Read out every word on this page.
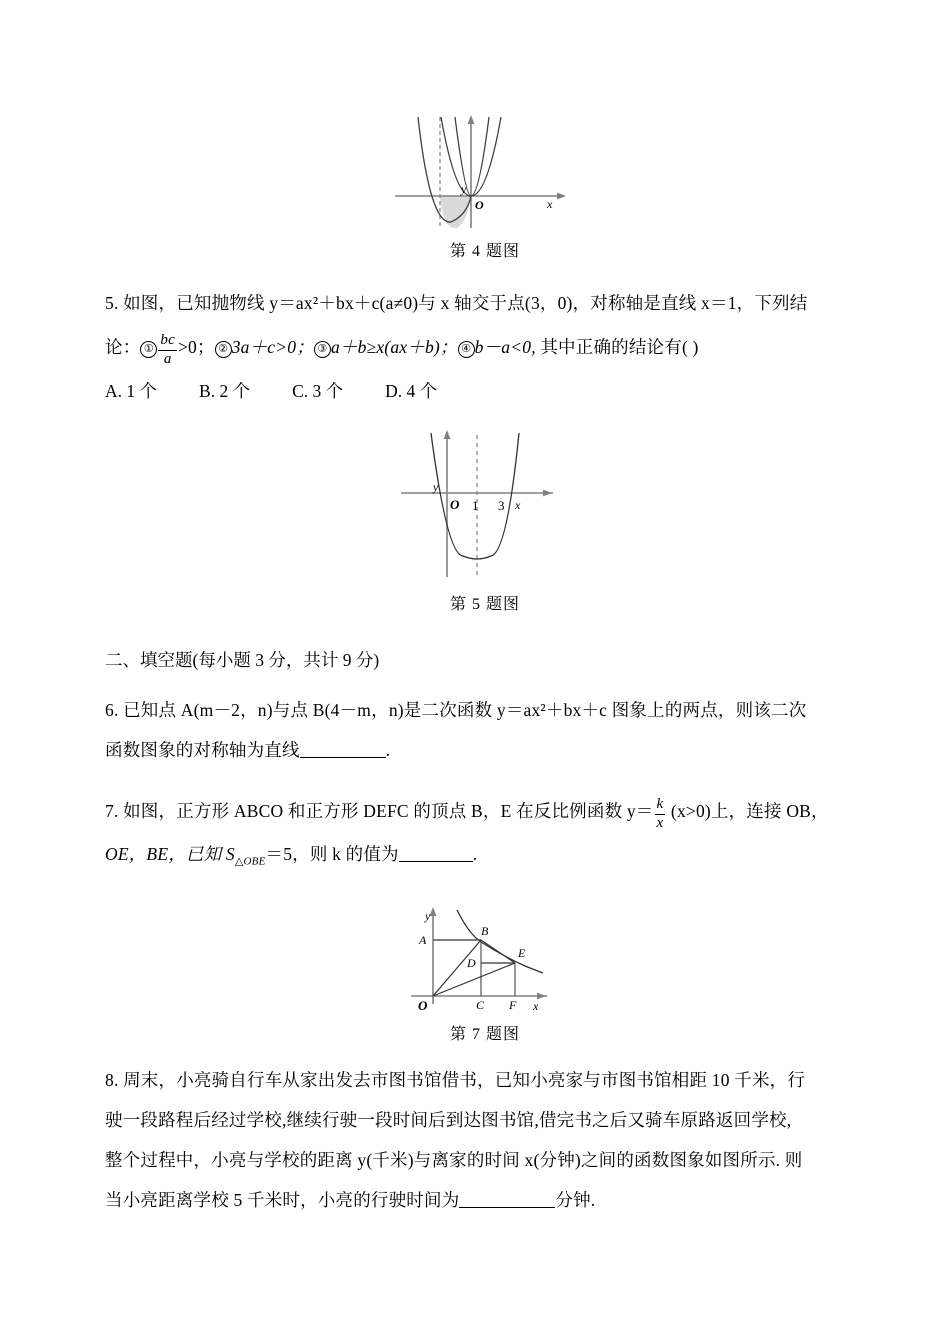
y
O	x
第 4 题图
5. 如图，已知抛物线 y＝ax²＋bx＋c(a≠0)与 x 轴交于点(3，0)，对称轴是直线 x＝1，下列结
论： ① $\frac{bc}{a} >0$； ② 3a＋c>0； ③ a＋b≥x(ax＋b)； ④ b－a<0, 其中正确的结论有( )
A. 1 个 B. 2 个 C. 3 个 D. 4 个
y
O 1 3 x
第 5 题图
二、填空题(每小题 3 分，共计 9 分)
6. 已知点 A(m－2，n)与点 B(4－m，n)是二次函数 y＝ax²＋bx＋c 图象上的两点，则该二次
函数图象的对称轴为直线	.
7. 如图，正方形 ABCO 和正方形 DEFC 的顶点 B，E 在反比例函数 $y= \frac{k}{x} (x>0)$上，连接 OB，
OE，BE，已知 $S_{\triangle OBE}=5$，则 k 的值为	.
A
B
C
D
E
F
O
y
x
第 7 题图
8. 周末，小亮骑自行车从家出发去市图书馆借书，已知小亮家与市图书馆相距 10 千米，行
驶一段路程后经过学校,继续行驶一段时间后到达图书馆,借完书之后又骑车原路返回学校,
整个过程中，小亮与学校的距离 y(千米)与离家的时间 x(分钟)之间的函数图象如图所示. 则
当小亮距离学校 5 千米时，小亮的行驶时间为	分钟.
